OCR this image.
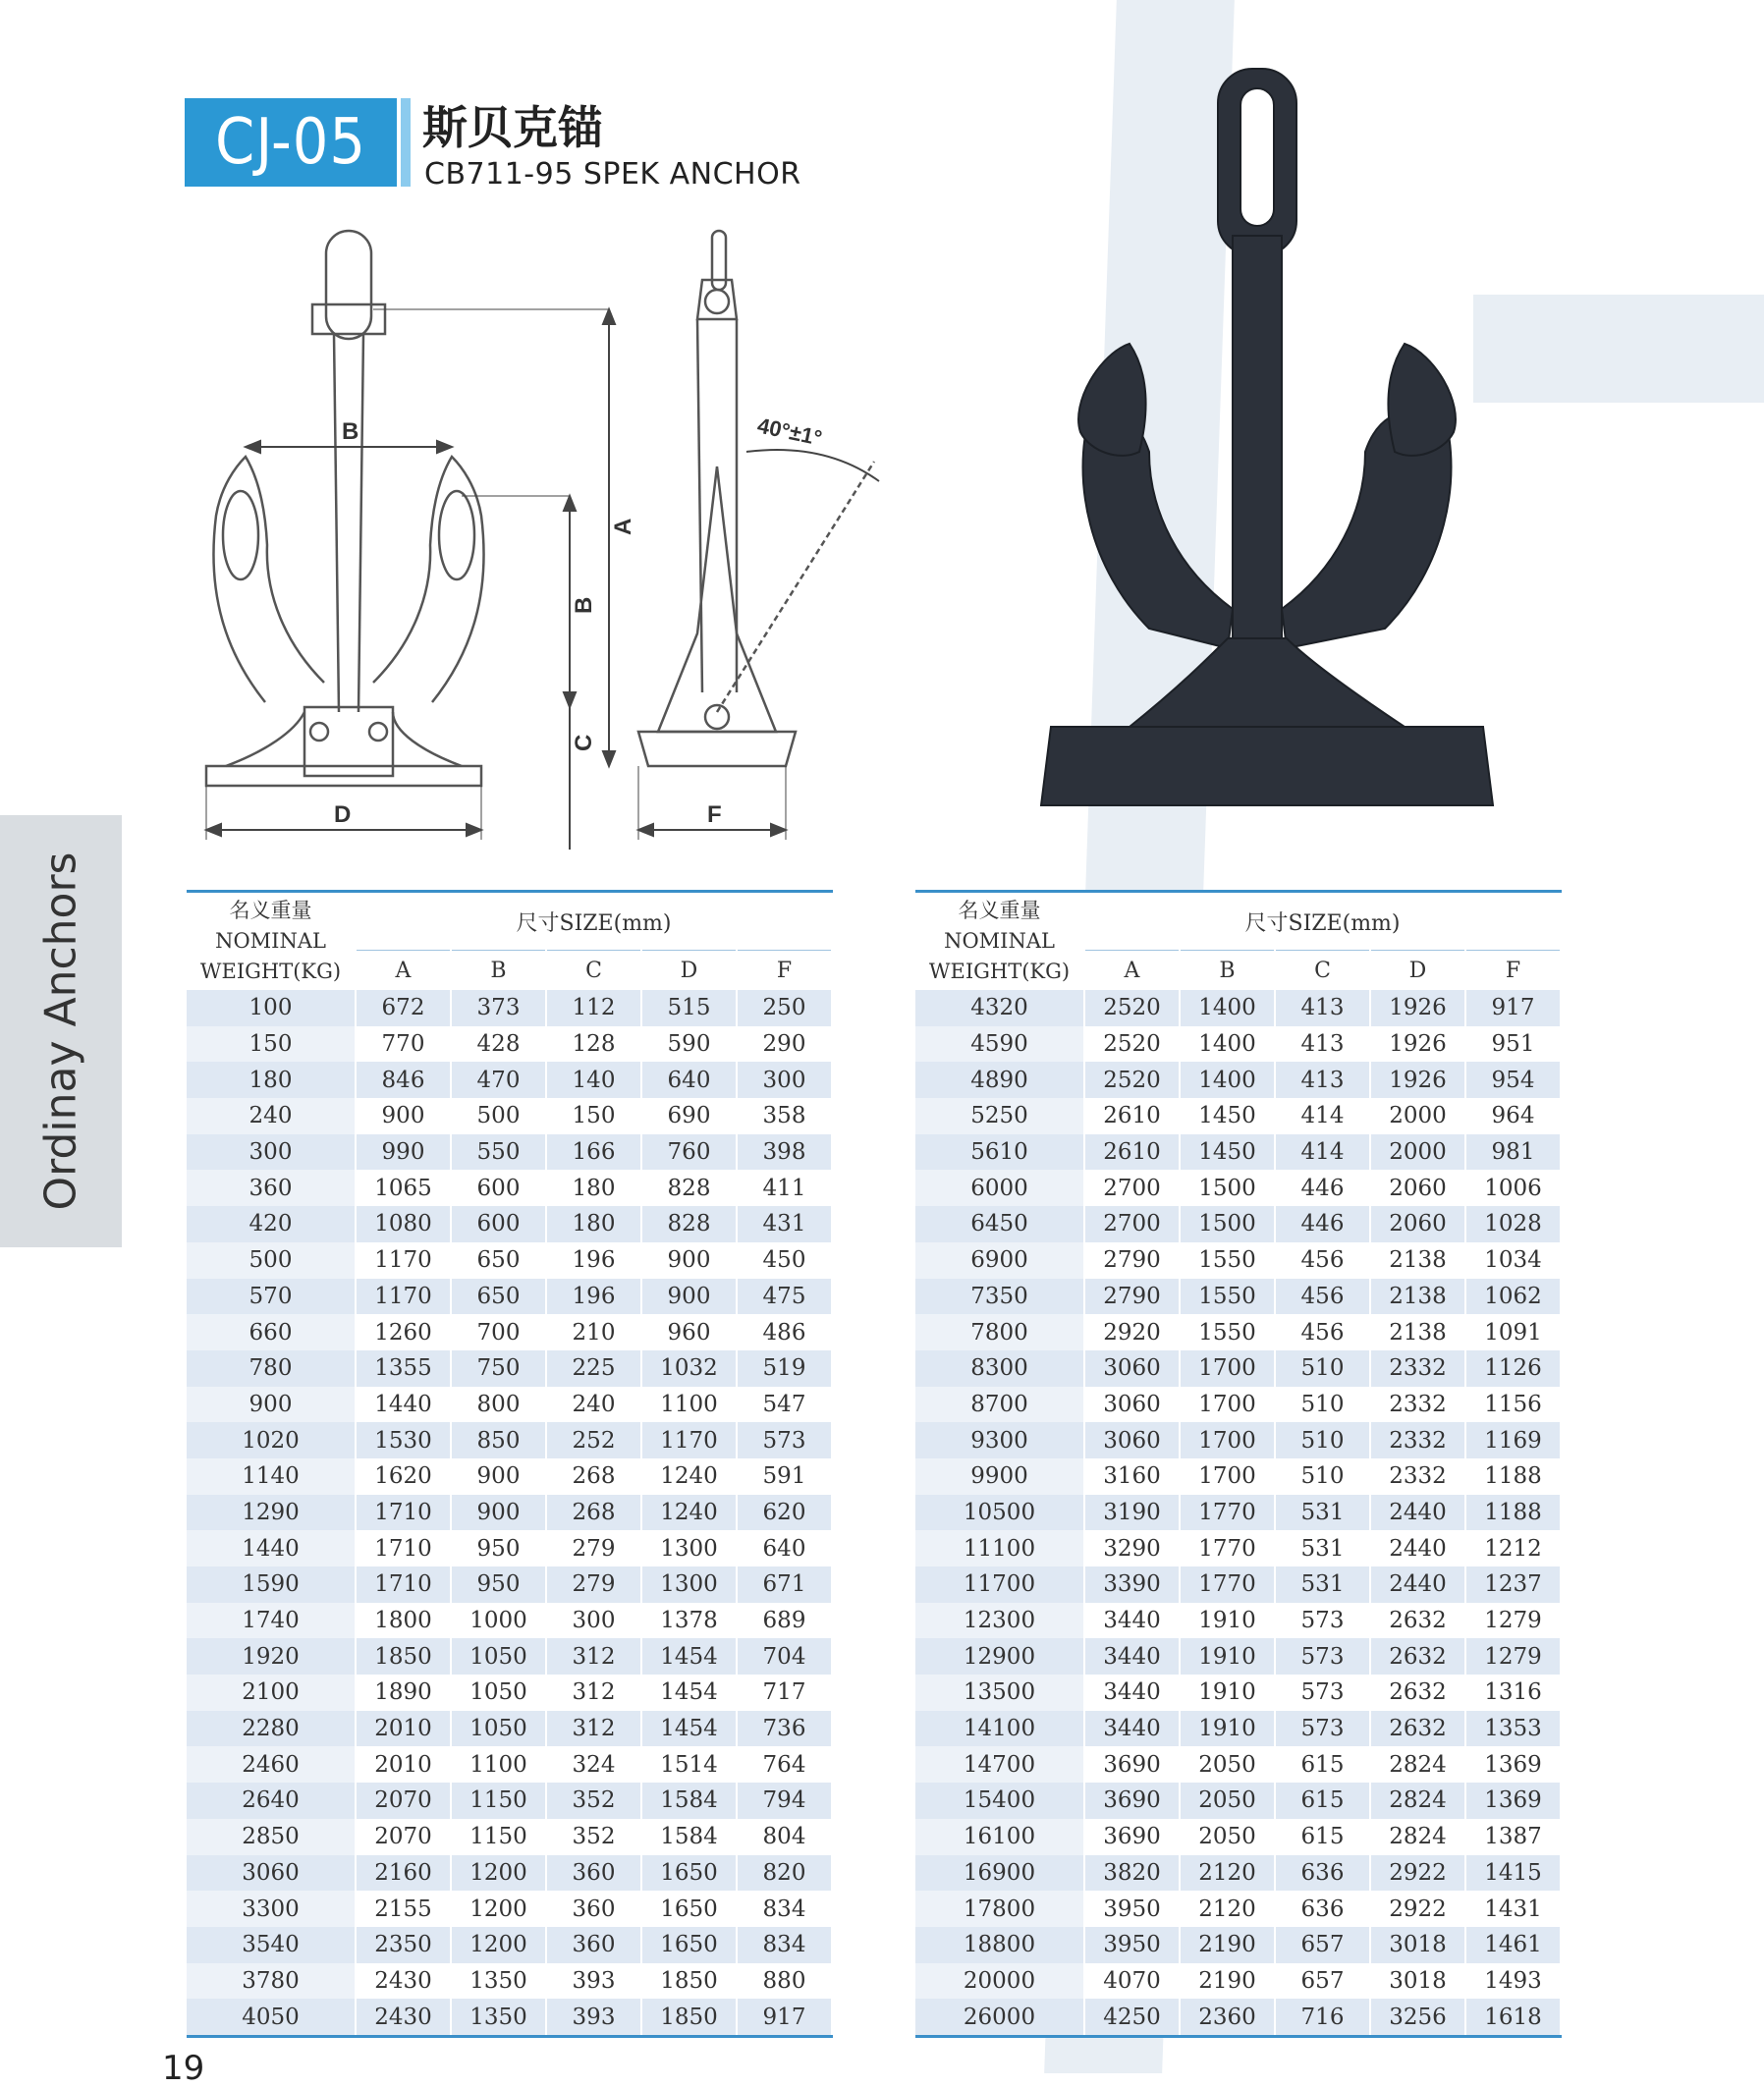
Ordinay Anchors
CJ-05	斯贝克锚
CB711-95 SPEK ANCHOR
B
A
B
C
D	F
40°±1°
名义重量
NOMINAL
WEIGHT(KG)	尺寸SIZE(mm)				
	A	B	C	D	F
100	672	373	112	515	250
150	770	428	128	590	290
180	846	470	140	640	300
240	900	500	150	690	358
300	990	550	166	760	398
360	1065	600	180	828	411
420	1080	600	180	828	431
500	1170	650	196	900	450
570	1170	650	196	900	475
660	1260	700	210	960	486
780	1355	750	225	1032	519
900	1440	800	240	1100	547
1020	1530	850	252	1170	573
1140	1620	900	268	1240	591
1290	1710	900	268	1240	620
1440	1710	950	279	1300	640
1590	1710	950	279	1300	671
1740	1800	1000	300	1378	689
1920	1850	1050	312	1454	704
2100	1890	1050	312	1454	717
2280	2010	1050	312	1454	736
2460	2010	1100	324	1514	764
2640	2070	1150	352	1584	794
2850	2070	1150	352	1584	804
3060	2160	1200	360	1650	820
3300	2155	1200	360	1650	834
3540	2350	1200	360	1650	834
3780	2430	1350	393	1850	880
4050	2430	1350	393	1850	917
名义重量
NOMINAL
WEIGHT(KG)	尺寸SIZE(mm)				
	A	B	C	D	F
4320	2520	1400	413	1926	917
4590	2520	1400	413	1926	951
4890	2520	1400	413	1926	954
5250	2610	1450	414	2000	964
5610	2610	1450	414	2000	981
6000	2700	1500	446	2060	1006
6450	2700	1500	446	2060	1028
6900	2790	1550	456	2138	1034
7350	2790	1550	456	2138	1062
7800	2920	1550	456	2138	1091
8300	3060	1700	510	2332	1126
8700	3060	1700	510	2332	1156
9300	3060	1700	510	2332	1169
9900	3160	1700	510	2332	1188
10500	3190	1770	531	2440	1188
11100	3290	1770	531	2440	1212
11700	3390	1770	531	2440	1237
12300	3440	1910	573	2632	1279
12900	3440	1910	573	2632	1279
13500	3440	1910	573	2632	1316
14100	3440	1910	573	2632	1353
14700	3690	2050	615	2824	1369
15400	3690	2050	615	2824	1369
16100	3690	2050	615	2824	1387
16900	3820	2120	636	2922	1415
17800	3950	2120	636	2922	1431
18800	3950	2190	657	3018	1461
20000	4070	2190	657	3018	1493
26000	4250	2360	716	3256	1618
19
